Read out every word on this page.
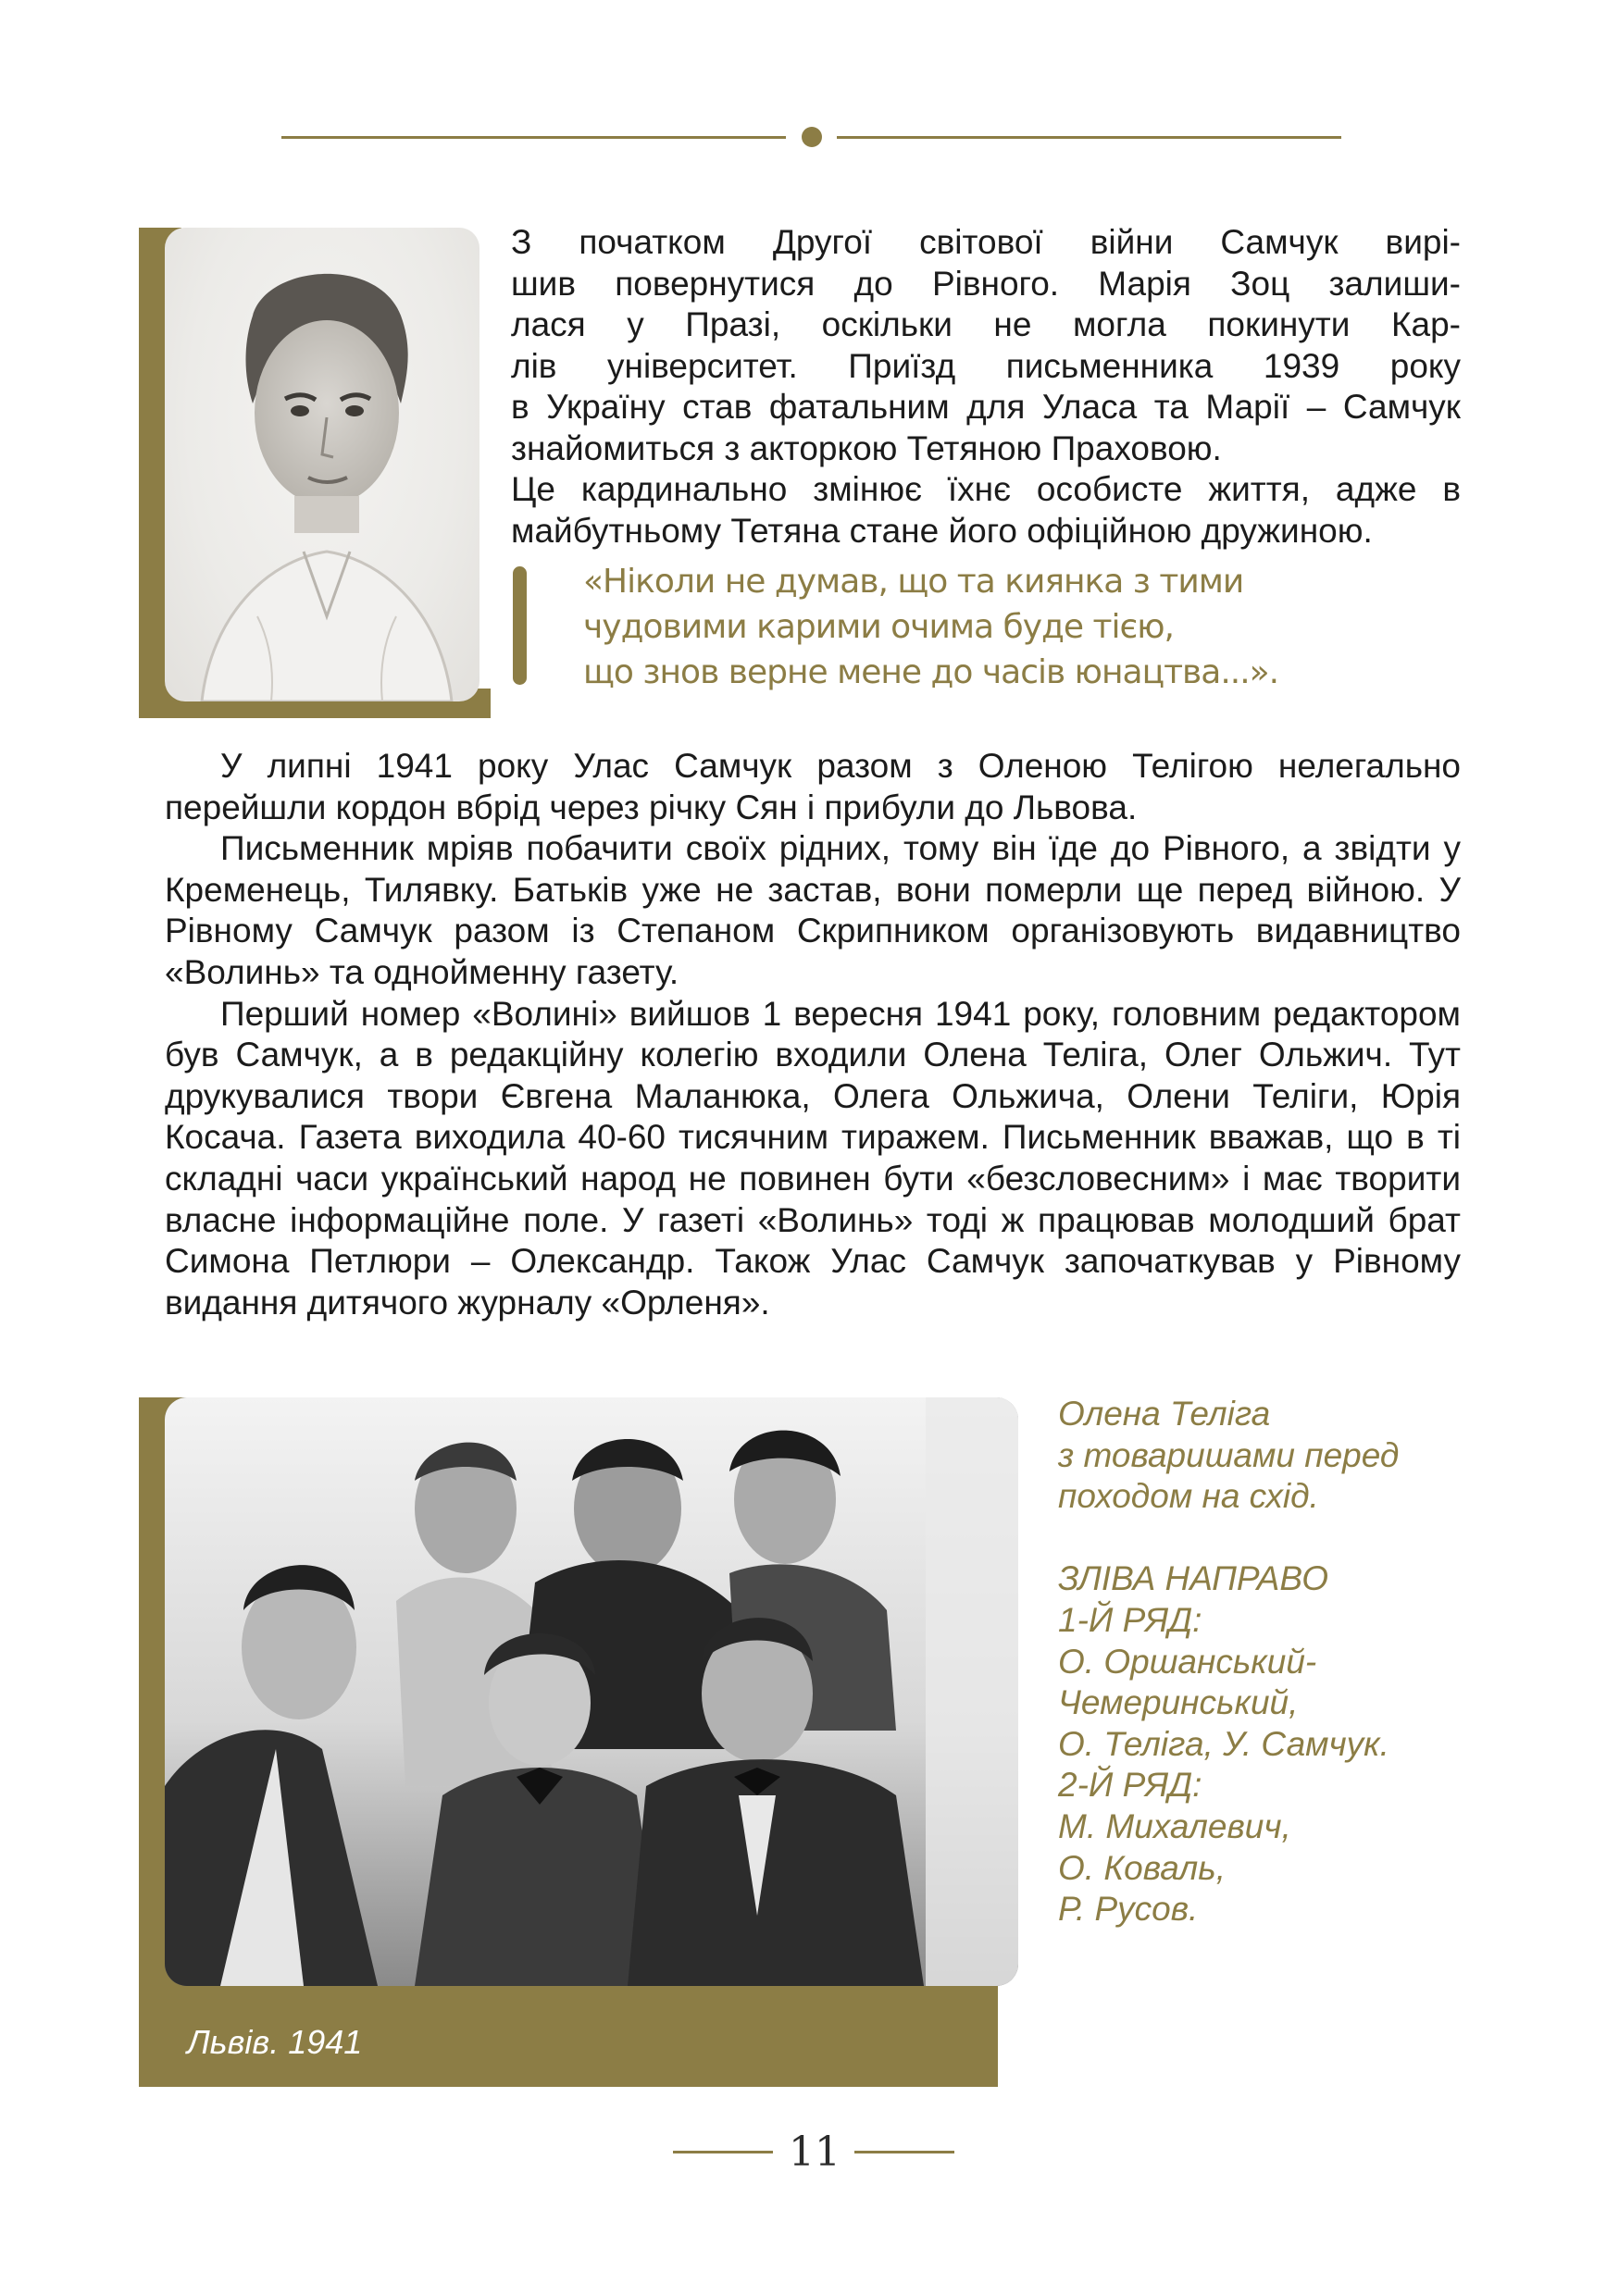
З початком Другої світової війни Самчук вирі-

шив повернутися до Рівного. Марія Зоц залиши-

лася у Празі, оскільки не могла покинути Кар-

лів університет. Приїзд письменника 1939 року

в Україну став фатальним для Уласа та Марії – Самчук

знайомиться з акторкою Тетяною Праховою.

Це кардинально змінює їхнє особисте життя, адже в

майбутньому Тетяна стане його офіційною дружиною.

«Ніколи не думав, що та киянка з тими
чудовими карими очима буде тією,
що знов верне мене до часів юнацтва...».

У липні 1941 року Улас Самчук разом з Оленою Телігою нелегально перейшли кордон вбрід через річку Сян і прибули до Львова.

Письменник мріяв побачити своїх рідних, тому він їде до Рівного, а звідти у Кременець, Тилявку. Батьків уже не застав, вони померли ще перед війною. У Рівному Самчук разом із Степаном Скрипником організовують видавництво «Волинь» та однойменну газету.

Перший номер «Волині» вийшов 1 вересня 1941 року, головним редактором був Самчук, а в редакційну колегію входили Олена Теліга, Олег Ольжич. Тут друкувалися твори Євгена Маланюка, Олега Ольжича, Олени Теліги, Юрія Косача. Газета виходила 40-60 тисячним тиражем. Письменник вважав, що в ті складні часи український народ не повинен бути «безсловесним» і має творити власне інформаційне поле. У газеті «Волинь» тоді ж працював молодший брат Симона Петлюри – Олександр. Також Улас Самчук започаткував у Рівному видання дитячого журналу «Орленя».

Львів. 1941
Олена Теліга
з товаришами перед
походом на схід.
ЗЛІВА НАПРАВО
1-Й РЯД:
О. Оршанський-
Чемеринський,
О. Теліга, У. Самчук.
2-Й РЯД:
М. Михалевич,
О. Коваль,
Р. Русов.
11
